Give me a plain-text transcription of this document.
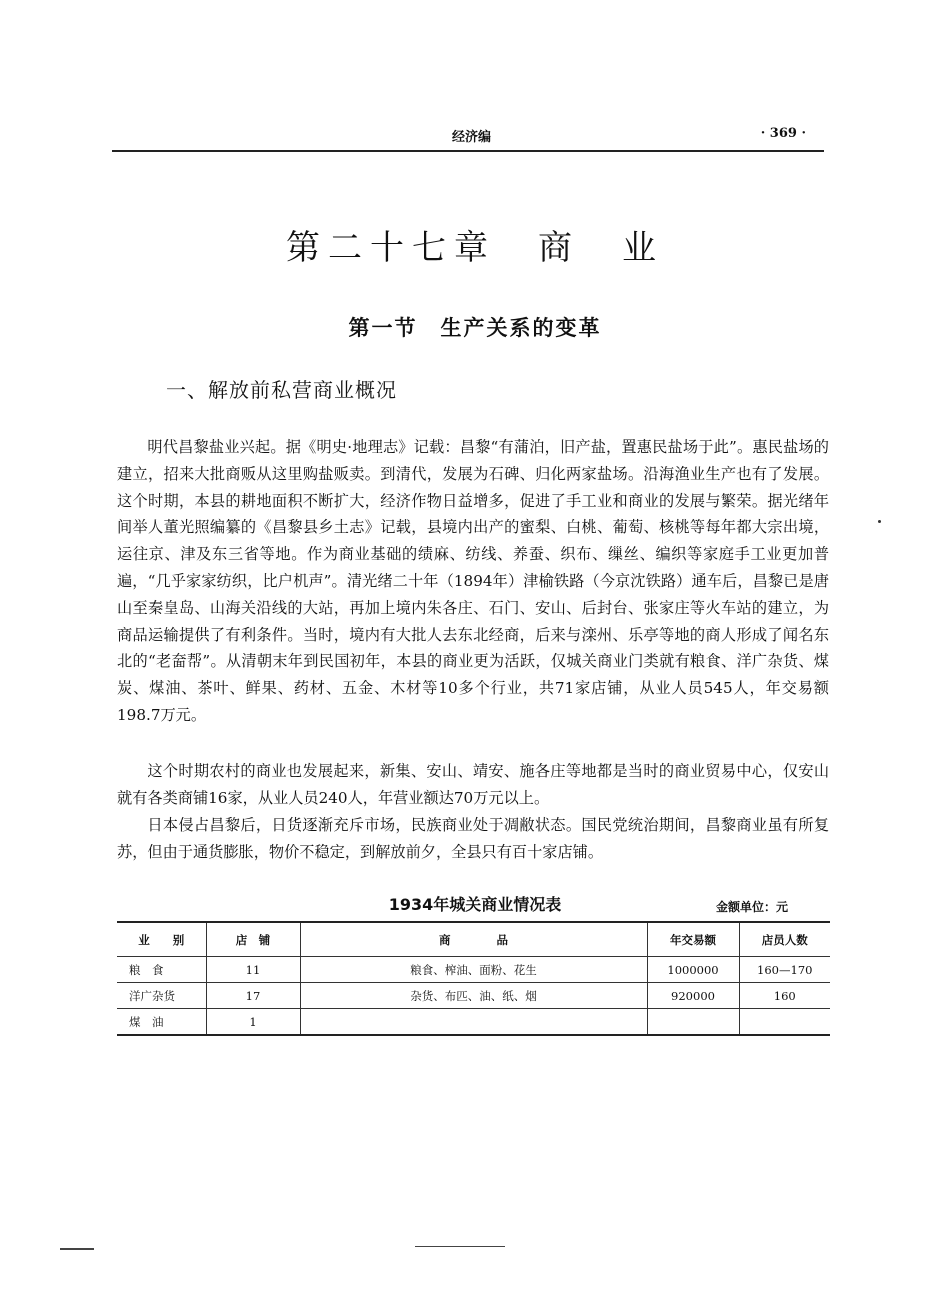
经济编	· 369 ·
第二十七章　商　业
第一节　生产关系的变革
一、解放前私营商业概况

明代昌黎盐业兴起。据《明史·地理志》记载：昌黎“有蒲泊，旧产盐，置惠民盐场于此”。惠民盐场的建立，招来大批商贩从这里购盐贩卖。到清代，发展为石碑、归化两家盐场。沿海渔业生产也有了发展。这个时期，本县的耕地面积不断扩大，经济作物日益增多，促进了手工业和商业的发展与繁荣。据光绪年间举人董光照编纂的《昌黎县乡土志》记载，县境内出产的蜜梨、白桃、葡萄、核桃等每年都大宗出境，运往京、津及东三省等地。作为商业基础的绩麻、纺线、养蚕、织布、缫丝、编织等家庭手工业更加普遍，“几乎家家纺织，比户机声”。清光绪二十年（1894年）津榆铁路（今京沈铁路）通车后，昌黎已是唐山至秦皇岛、山海关沿线的大站，再加上境内朱各庄、石门、安山、后封台、张家庄等火车站的建立，为商品运输提供了有利条件。当时，境内有大批人去东北经商，后来与滦州、乐亭等地的商人形成了闻名东北的“老奤帮”。从清朝末年到民国初年，本县的商业更为活跃，仅城关商业门类就有粮食、洋广杂货、煤炭、煤油、茶叶、鲜果、药材、五金、木材等10多个行业，共71家店铺，从业人员545人，年交易额198.7万元。

这个时期农村的商业也发展起来，新集、安山、靖安、施各庄等地都是当时的商业贸易中心，仅安山就有各类商铺16家，从业人员240人，年营业额达70万元以上。

日本侵占昌黎后，日货逐渐充斥市场，民族商业处于凋敝状态。国民党统治期间，昌黎商业虽有所复苏，但由于通货膨胀，物价不稳定，到解放前夕，全县只有百十家店铺。

1934年城关商业情况表	金额单位：元
业　　别	店　铺	商　　　　品	年交易额	店员人数
粮　食	11	粮食、榨油、面粉、花生	1000000	160—170
洋广杂货	17	杂货、布匹、油、纸、烟	920000	160
煤　油	1			
